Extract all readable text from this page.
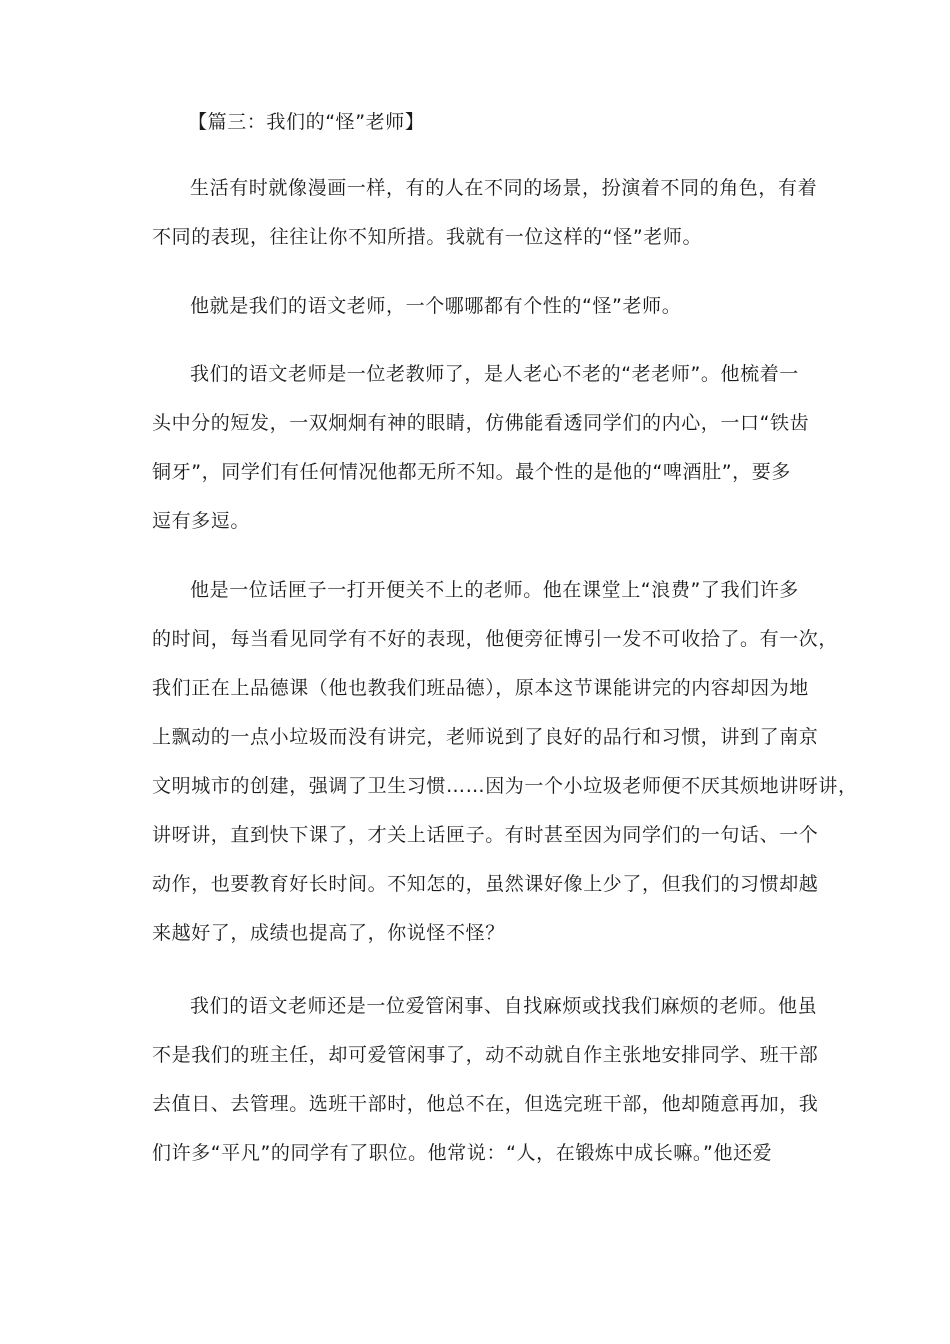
【篇三：我们的“怪”老师】
生活有时就像漫画一样，有的人在不同的场景，扮演着不同的角色，有着
不同的表现，往往让你不知所措。我就有一位这样的“怪”老师。
他就是我们的语文老师，一个哪哪都有个性的“怪”老师。
我们的语文老师是一位老教师了，是人老心不老的“老老师”。他梳着一
头中分的短发，一双炯炯有神的眼睛，仿佛能看透同学们的内心，一口“铁齿
铜牙”，同学们有任何情况他都无所不知。最个性的是他的“啤酒肚”，要多
逗有多逗。
他是一位话匣子一打开便关不上的老师。他在课堂上“浪费”了我们许多
的时间，每当看见同学有不好的表现，他便旁征博引一发不可收拾了。有一次，
我们正在上品德课（他也教我们班品德），原本这节课能讲完的内容却因为地
上飘动的一点小垃圾而没有讲完，老师说到了良好的品行和习惯，讲到了南京
文明城市的创建，强调了卫生习惯……因为一个小垃圾老师便不厌其烦地讲呀讲，
讲呀讲，直到快下课了，才关上话匣子。有时甚至因为同学们的一句话、一个
动作，也要教育好长时间。不知怎的，虽然课好像上少了，但我们的习惯却越
来越好了，成绩也提高了，你说怪不怪？
我们的语文老师还是一位爱管闲事、自找麻烦或找我们麻烦的老师。他虽
不是我们的班主任，却可爱管闲事了，动不动就自作主张地安排同学、班干部
去值日、去管理。选班干部时，他总不在，但选完班干部，他却随意再加，我
们许多“平凡”的同学有了职位。他常说：“人，在锻炼中成长嘛。”他还爱
